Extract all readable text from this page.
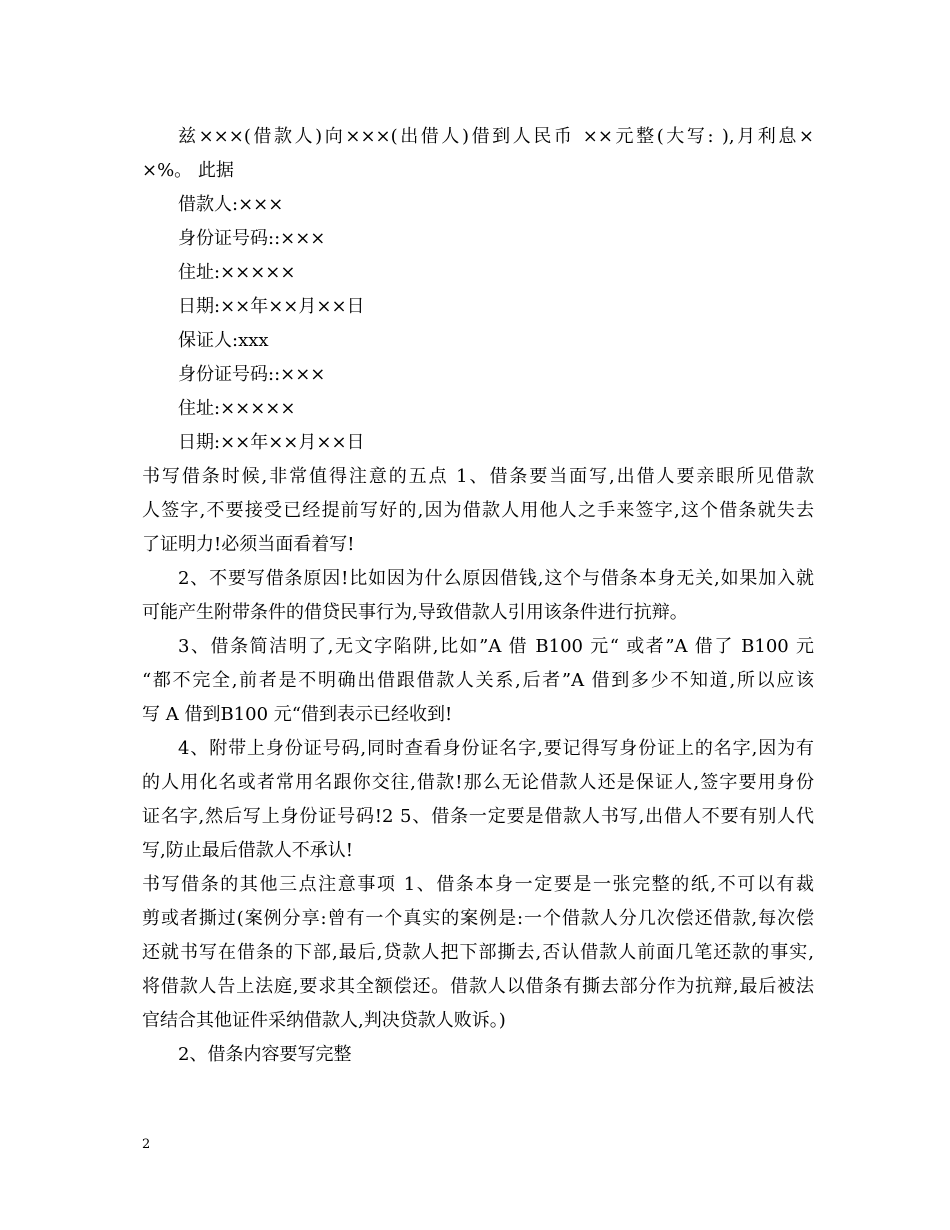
兹×××(借款人)向×××(出借人)借到人民币 ××元整(大写: ),月利息×
×%。 此据
借款人:×××
身份证号码::×××
住址:×××××
日期:××年××月××日
保证人:xxx
身份证号码::×××
住址:×××××
日期:××年××月××日
书写借条时候,非常值得注意的五点 1、借条要当面写,出借人要亲眼所见借款
人签字,不要接受已经提前写好的,因为借款人用他人之手来签字,这个借条就失去
了证明力!必须当面看着写!
2、不要写借条原因!比如因为什么原因借钱,这个与借条本身无关,如果加入就
可能产生附带条件的借贷民事行为,导致借款人引用该条件进行抗辩。
3、借条简洁明了,无文字陷阱,比如”A 借 B100 元“ 或者”A 借了 B100 元
“都不完全,前者是不明确出借跟借款人关系,后者”A 借到多少不知道,所以应该
写 A 借到B100 元“借到表示已经收到!
4、附带上身份证号码,同时查看身份证名字,要记得写身份证上的名字,因为有
的人用化名或者常用名跟你交往,借款!那么无论借款人还是保证人,签字要用身份
证名字,然后写上身份证号码!2 5、借条一定要是借款人书写,出借人不要有别人代
写,防止最后借款人不承认!
书写借条的其他三点注意事项 1、借条本身一定要是一张完整的纸,不可以有裁
剪或者撕过(案例分享:曾有一个真实的案例是:一个借款人分几次偿还借款,每次偿
还就书写在借条的下部,最后,贷款人把下部撕去,否认借款人前面几笔还款的事实,
将借款人告上法庭,要求其全额偿还。借款人以借条有撕去部分作为抗辩,最后被法
官结合其他证件采纳借款人,判决贷款人败诉。)
2、借条内容要写完整
2
